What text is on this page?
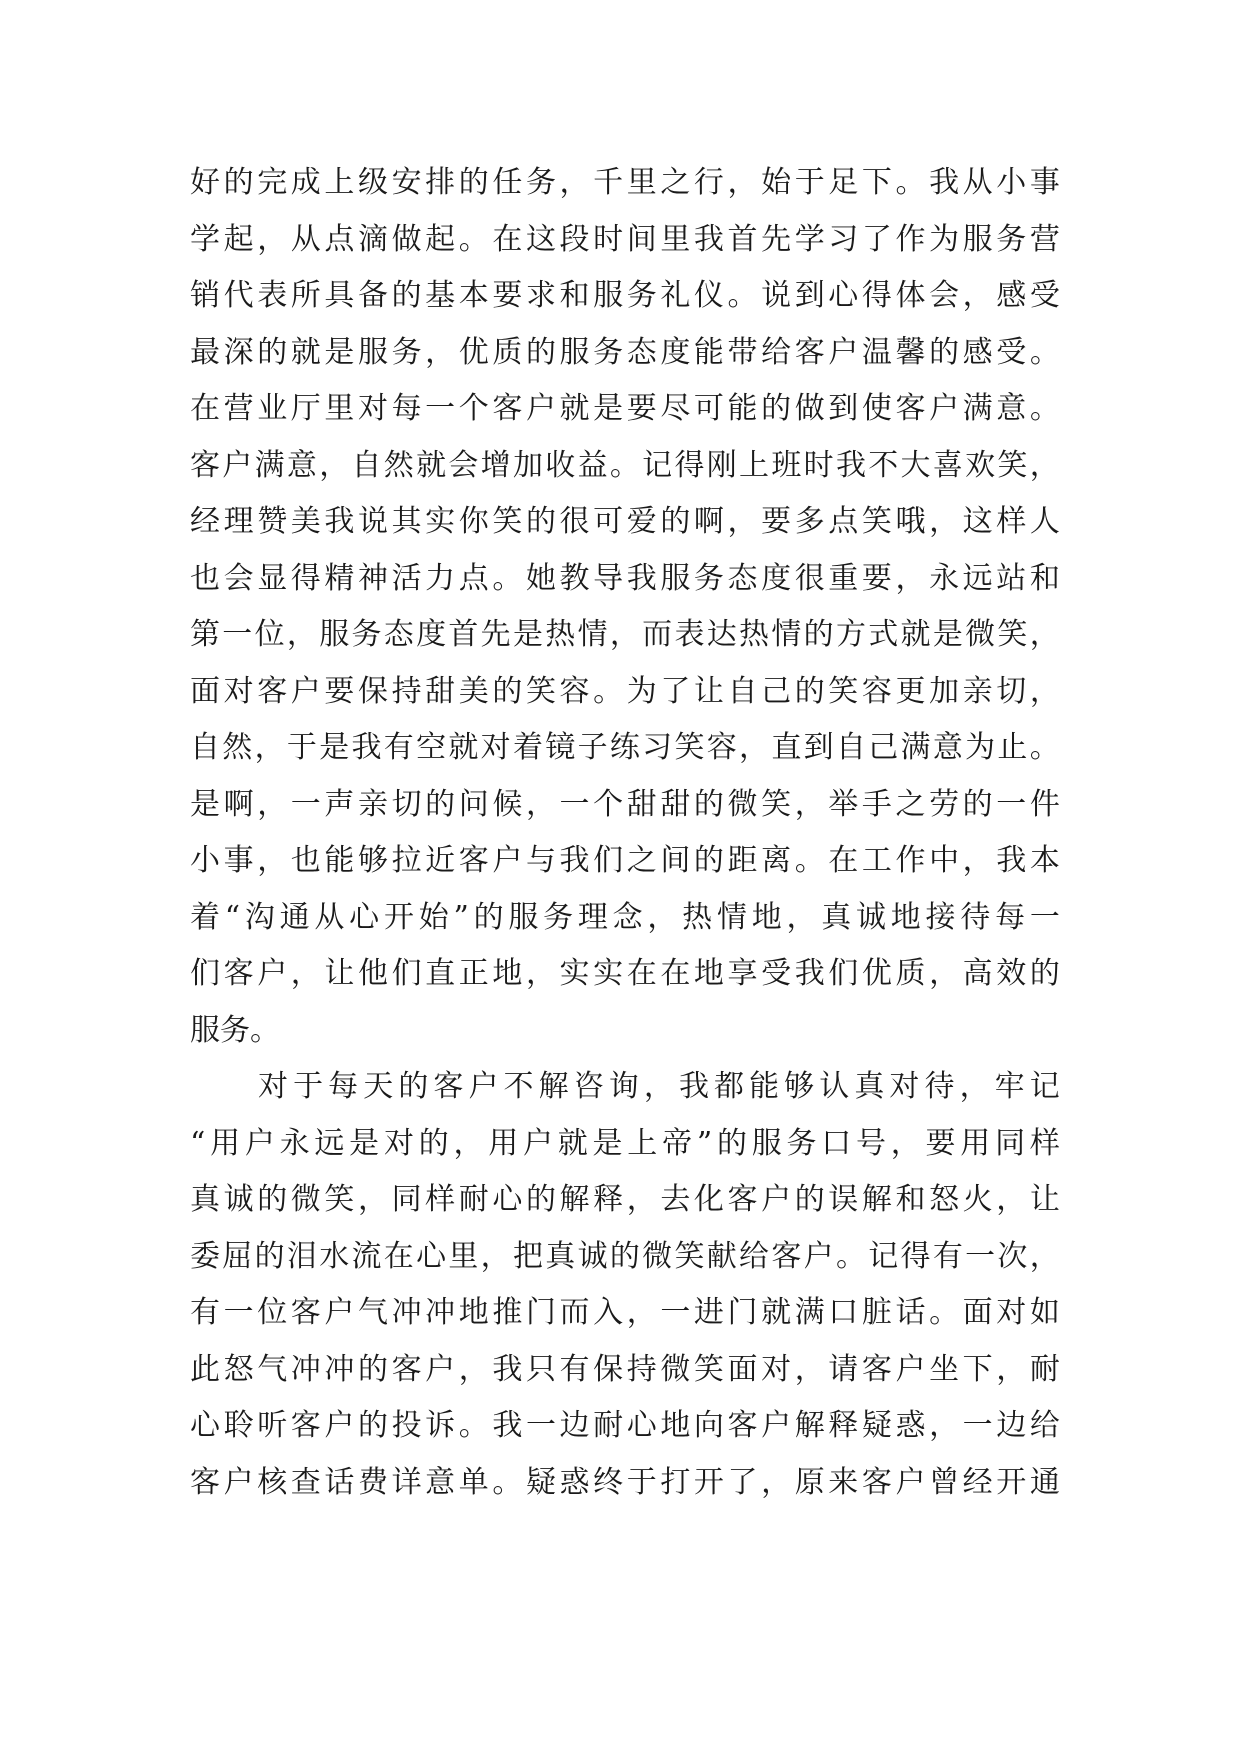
好 的 完 成 上 级 安 排 的 任 务 ， 千 里 之 行 ， 始 于 足 下 。 我 从 小 事
学 起 ， 从 点 滴 做 起 。 在 这 段 时 间 里 我 首 先 学 习 了 作 为 服 务 营
销 代 表 所 具 备 的 基 本 要 求 和 服 务 礼 仪 。 说 到 心 得 体 会 ， 感 受
最 深 的 就 是 服 务 ， 优 质 的 服 务 态 度 能 带 给 客 户 温 馨 的 感 受 。
在 营 业 厅 里 对 每 一 个 客 户 就 是 要 尽 可 能 的 做 到 使 客 户 满 意 。
客 户 满 意 ， 自 然 就 会 增 加 收 益 。 记 得 刚 上 班 时 我 不 大 喜 欢 笑 ，
经 理 赞 美 我 说 其 实 你 笑 的 很 可 爱 的 啊 ， 要 多 点 笑 哦 ， 这 样 人
也 会 显 得 精 神 活 力 点 。 她 教 导 我 服 务 态 度 很 重 要 ， 永 远 站 和
第 一 位 ， 服 务 态 度 首 先 是 热 情 ， 而 表 达 热 情 的 方 式 就 是 微 笑 ，
面 对 客 户 要 保 持 甜 美 的 笑 容 。 为 了 让 自 己 的 笑 容 更 加 亲 切 ，
自 然 ， 于 是 我 有 空 就 对 着 镜 子 练 习 笑 容 ， 直 到 自 己 满 意 为 止 。
是 啊 ， 一 声 亲 切 的 问 候 ， 一 个 甜 甜 的 微 笑 ， 举 手 之 劳 的 一 件
小 事 ， 也 能 够 拉 近 客 户 与 我 们 之 间 的 距 离 。 在 工 作 中 ， 我 本
着 “ 沟 通 从 心 开 始 ” 的 服 务 理 念 ， 热 情 地 ， 真 诚 地 接 待 每 一
们 客 户 ， 让 他 们 直 正 地 ， 实 实 在 在 地 享 受 我 们 优 质 ， 高 效 的
服 务 。
对 于 每 天 的 客 户 不 解 咨 询 ， 我 都 能 够 认 真 对 待 ， 牢 记
“ 用 户 永 远 是 对 的 ， 用 户 就 是 上 帝 ” 的 服 务 口 号 ， 要 用 同 样
真 诚 的 微 笑 ， 同 样 耐 心 的 解 释 ， 去 化 客 户 的 误 解 和 怒 火 ， 让
委 屈 的 泪 水 流 在 心 里 ， 把 真 诚 的 微 笑 献 给 客 户 。 记 得 有 一 次 ，
有 一 位 客 户 气 冲 冲 地 推 门 而 入 ， 一 进 门 就 满 口 脏 话 。 面 对 如
此 怒 气 冲 冲 的 客 户 ， 我 只 有 保 持 微 笑 面 对 ， 请 客 户 坐 下 ， 耐
心 聆 听 客 户 的 投 诉 。 我 一 边 耐 心 地 向 客 户 解 释 疑 惑 ， 一 边 给
客 户 核 查 话 费 详 意 单 。 疑 惑 终 于 打 开 了 ， 原 来 客 户 曾 经 开 通
